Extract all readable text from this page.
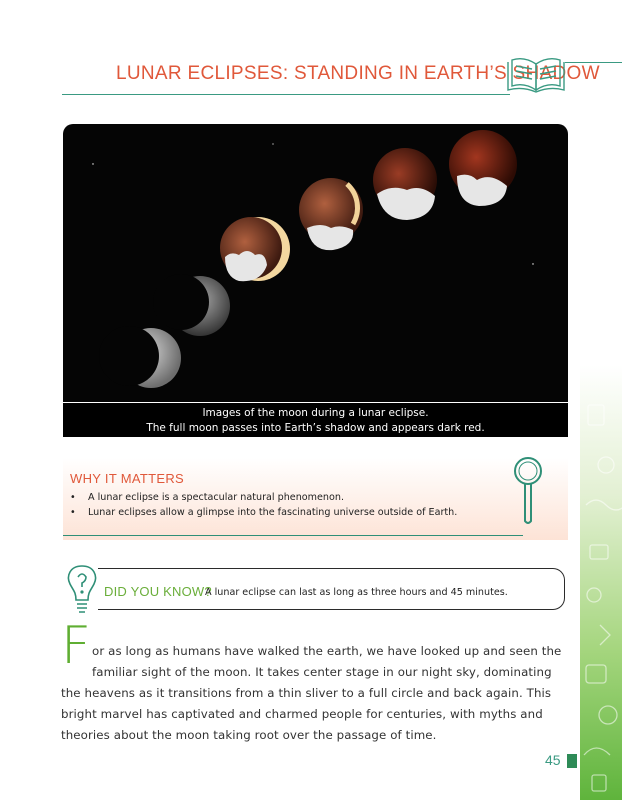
LUNAR ECLIPSES: STANDING IN EARTH’S SHADOW
Images of the moon during a lunar eclipse.
The full moon passes into Earth’s shadow and appears dark red.
WHY IT MATTERS
• A lunar eclipse is a spectacular natural phenomenon.
• Lunar eclipses allow a glimpse into the fascinating universe outside of Earth.
DID YOU KNOW?
A lunar eclipse can last as long as three hours and 45 minutes.
F or as long as humans have walked the earth, we have looked up and seen the
familiar sight of the moon. It takes center stage in our night sky, dominating
the heavens as it transitions from a thin sliver to a full circle and back again. This
bright marvel has captivated and charmed people for centuries, with myths and
theories about the moon taking root over the passage of time.
45
